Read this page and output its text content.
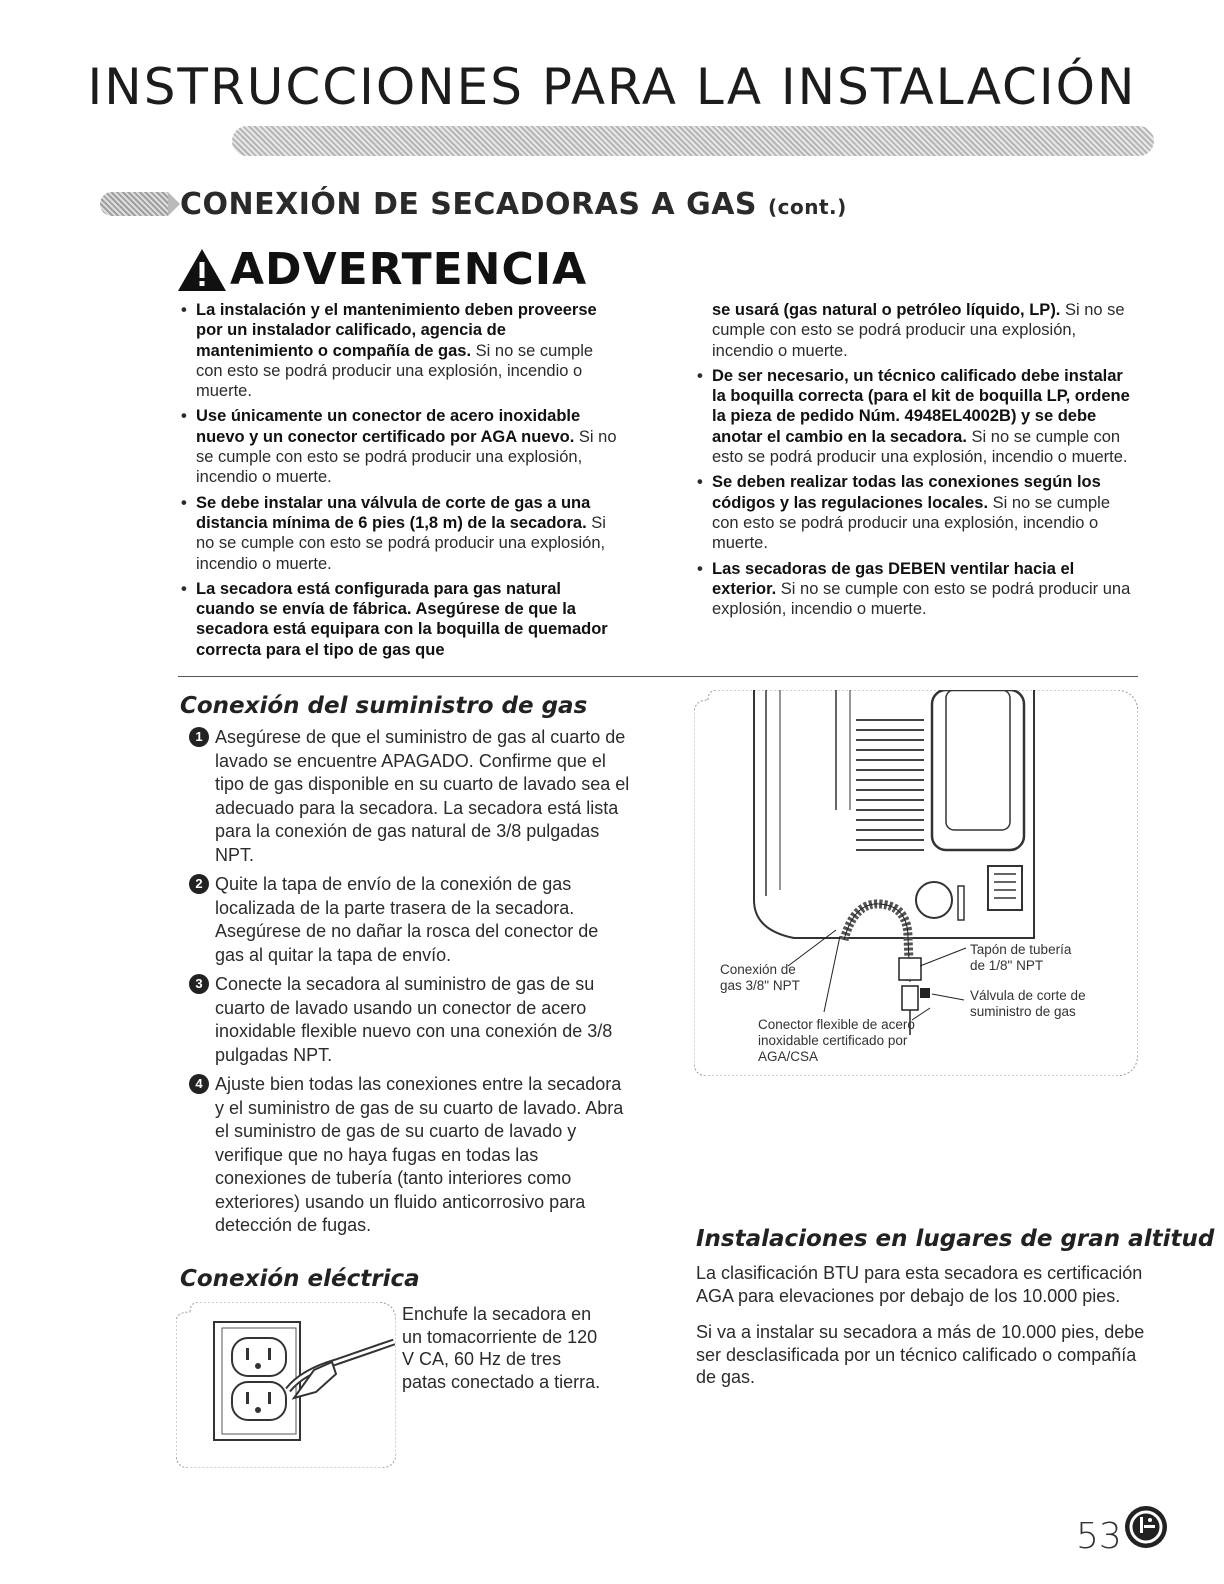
INSTRUCCIONES PARA LA INSTALACIÓN
CONEXIÓN DE SECADORAS A GAS (cont.)
ADVERTENCIA
• La instalación y el mantenimiento deben proveerse por un instalador calificado, agencia de mantenimiento o compañía de gas. Si no se cumple con esto se podrá producir una explosión, incendio o muerte.
• Use únicamente un conector de acero inoxidable nuevo y un conector certificado por AGA nuevo. Si no se cumple con esto se podrá producir una explosión, incendio o muerte.
• Se debe instalar una válvula de corte de gas a una distancia mínima de 6 pies (1,8 m) de la secadora. Si no se cumple con esto se podrá producir una explosión, incendio o muerte.
• La secadora está configurada para gas natural cuando se envía de fábrica. Asegúrese de que la secadora está equipara con la boquilla de quemador correcta para el tipo de gas que
se usará (gas natural o petróleo líquido, LP). Si no se cumple con esto se podrá producir una explosión, incendio o muerte.
• De ser necesario, un técnico calificado debe instalar la boquilla correcta (para el kit de boquilla LP, ordene la pieza de pedido Núm. 4948EL4002B) y se debe anotar el cambio en la secadora. Si no se cumple con esto se podrá producir una explosión, incendio o muerte.
• Se deben realizar todas las conexiones según los códigos y las regulaciones locales. Si no se cumple con esto se podrá producir una explosión, incendio o muerte.
• Las secadoras de gas DEBEN ventilar hacia el exterior. Si no se cumple con esto se podrá producir una explosión, incendio o muerte.
Conexión del suministro de gas
1 Asegúrese de que el suministro de gas al cuarto de lavado se encuentre APAGADO. Confirme que el tipo de gas disponible en su cuarto de lavado sea el adecuado para la secadora. La secadora está lista para la conexión de gas natural de 3/8 pulgadas NPT.
2 Quite la tapa de envío de la conexión de gas localizada de la parte trasera de la secadora. Asegúrese de no dañar la rosca del conector de gas al quitar la tapa de envío.
3 Conecte la secadora al suministro de gas de su cuarto de lavado usando un conector de acero inoxidable flexible nuevo con una conexión de 3/8 pulgadas NPT.
4 Ajuste bien todas las conexiones entre la secadora y el suministro de gas de su cuarto de lavado. Abra el suministro de gas de su cuarto de lavado y verifique que no haya fugas en todas las conexiones de tubería (tanto interiores como exteriores) usando un fluido anticorrosivo para detección de fugas.
Conexión de
gas 3/8" NPT
Tapón de tubería
de 1/8" NPT
Válvula de corte de
suministro de gas
Conector flexible de acero
inoxidable certificado por
AGA/CSA
Conexión eléctrica
Enchufe la secadora en un tomacorriente de 120 V CA, 60 Hz de tres patas conectado a tierra.
Instalaciones en lugares de gran altitud

La clasificación BTU para esta secadora es certificación AGA para elevaciones por debajo de los 10.000 pies.

Si va a instalar su secadora a más de 10.000 pies, debe ser desclasificada por un técnico calificado o compañía de gas.

53
